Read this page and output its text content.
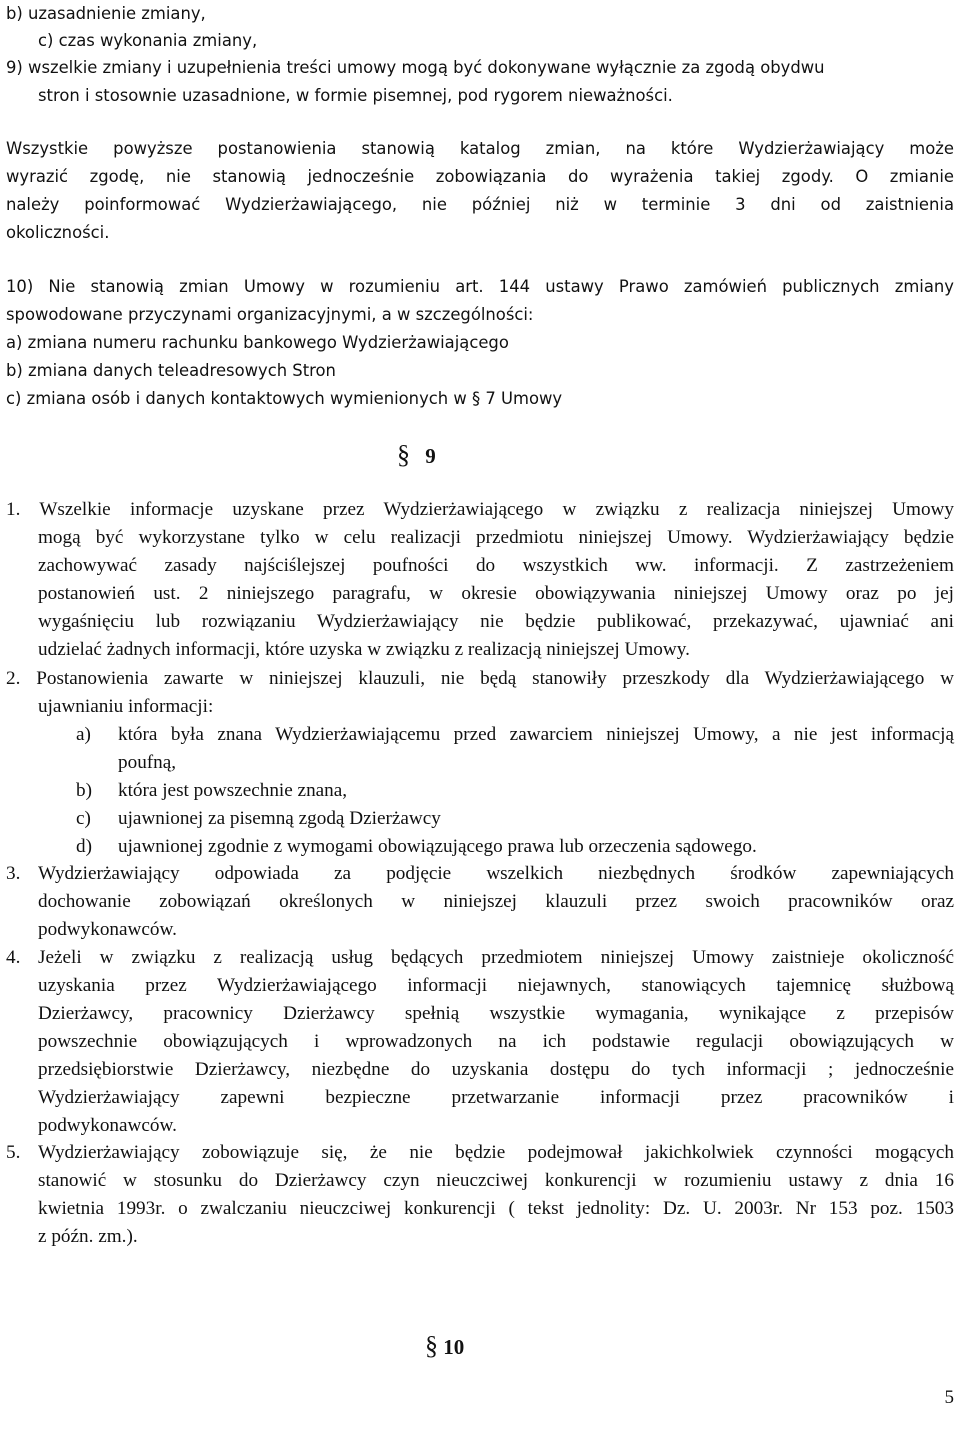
b) uzasadnienie zmiany,
c) czas wykonania zmiany,
9) wszelkie zmiany i uzupełnienia treści umowy mogą być dokonywane wyłącznie za zgodą obydwu
stron i stosownie uzasadnione, w formie pisemnej, pod rygorem nieważności.
Wszystkie powyższe postanowienia stanowią katalog zmian, na które Wydzierżawiający może
wyrazić zgodę, nie stanowią jednocześnie zobowiązania do wyrażenia takiej zgody. O zmianie
należy poinformować Wydzierżawiającego, nie później niż w terminie 3 dni od zaistnienia
okoliczności.
10) Nie stanowią zmian Umowy w rozumieniu art. 144 ustawy Prawo zamówień publicznych zmiany
spowodowane przyczynami organizacyjnymi, a w szczególności:
a) zmiana numeru rachunku bankowego Wydzierżawiającego
b) zmiana danych teleadresowych Stron
c) zmiana osób i danych kontaktowych wymienionych w § 7 Umowy
§ 9
1. Wszelkie informacje uzyskane przez Wydzierżawiającego w związku z realizacja niniejszej Umowy
mogą być wykorzystane tylko w celu realizacji przedmiotu niniejszej Umowy. Wydzierżawiający będzie
zachowywać zasady najściślejszej poufności do wszystkich ww. informacji. Z zastrzeżeniem
postanowień ust. 2 niniejszego paragrafu, w okresie obowiązywania niniejszej Umowy oraz po jej
wygaśnięciu lub rozwiązaniu Wydzierżawiający nie będzie publikować, przekazywać, ujawniać ani
udzielać żadnych informacji, które uzyska w związku z realizacją niniejszej Umowy.
2. Postanowienia zawarte w niniejszej klauzuli, nie będą stanowiły przeszkody dla Wydzierżawiającego w
ujawnianiu informacji:
a) która była znana Wydzierżawiającemu przed zawarciem niniejszej Umowy, a nie jest informacją
poufną,
b) która jest powszechnie znana,
c) ujawnionej za pisemną zgodą Dzierżawcy
d) ujawnionej zgodnie z wymogami obowiązującego prawa lub orzeczenia sądowego.
3. Wydzierżawiający odpowiada za podjęcie wszelkich niezbędnych środków zapewniających
dochowanie zobowiązań określonych w niniejszej klauzuli przez swoich pracowników oraz
podwykonawców.
4. Jeżeli w związku z realizacją usług będących przedmiotem niniejszej Umowy zaistnieje okoliczność
uzyskania przez Wydzierżawiającego informacji niejawnych, stanowiących tajemnicę służbową
Dzierżawcy, pracownicy Dzierżawcy spełnią wszystkie wymagania, wynikające z przepisów
powszechnie obowiązujących i wprowadzonych na ich podstawie regulacji obowiązujących w
przedsiębiorstwie Dzierżawcy, niezbędne do uzyskania dostępu do tych informacji ; jednocześnie
Wydzierżawiający zapewni bezpieczne przetwarzanie informacji przez pracowników i
podwykonawców.
5. Wydzierżawiający zobowiązuje się, że nie będzie podejmował jakichkolwiek czynności mogących
stanowić w stosunku do Dzierżawcy czyn nieuczciwej konkurencji w rozumieniu ustawy z dnia 16
kwietnia 1993r. o zwalczaniu nieuczciwej konkurencji ( tekst jednolity: Dz. U. 2003r. Nr 153 poz. 1503
z późn. zm.).
§ 10
5
